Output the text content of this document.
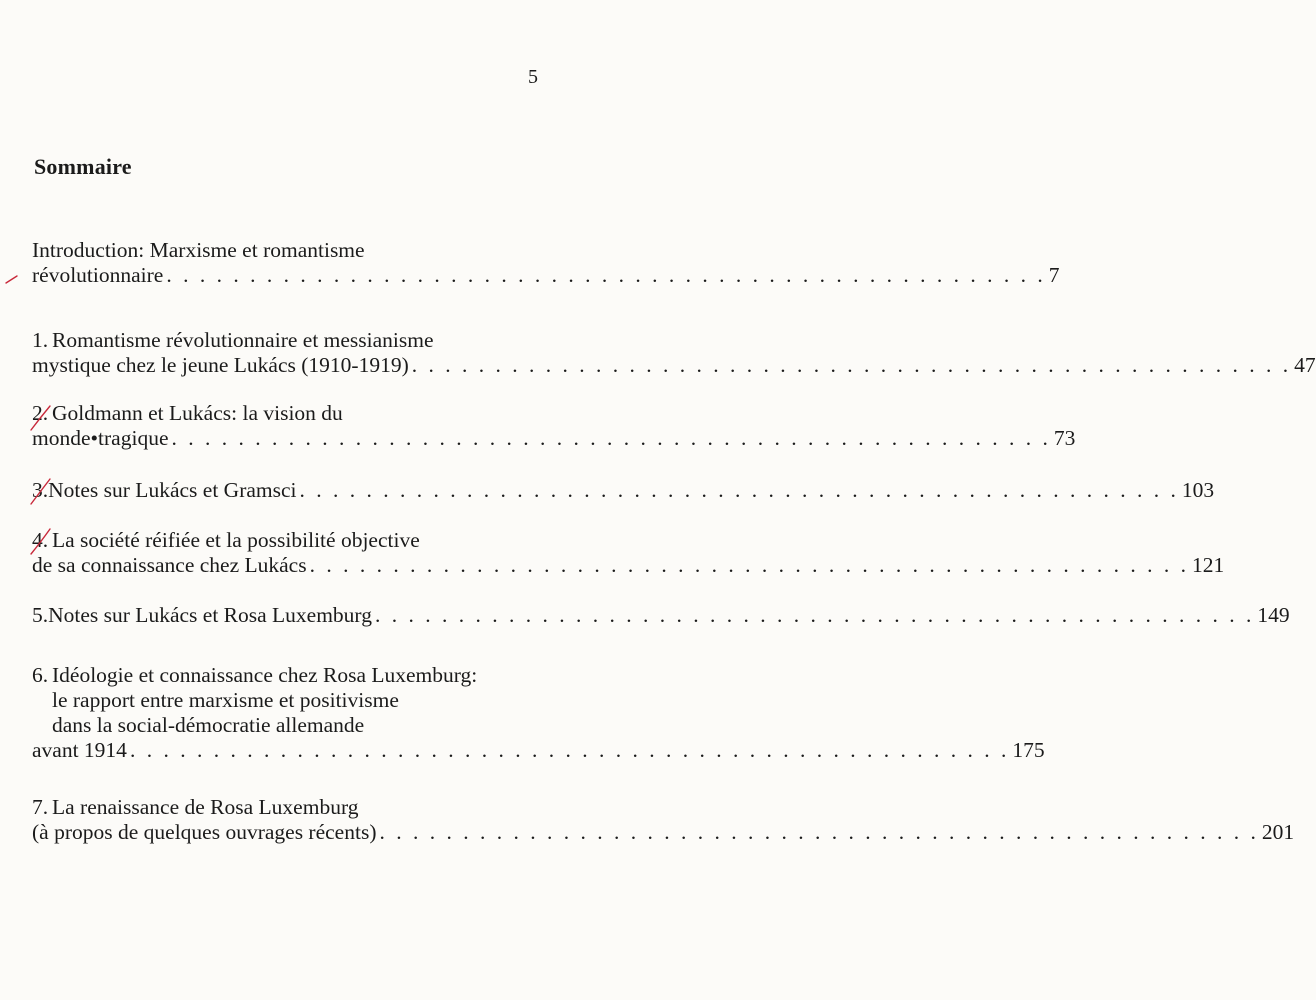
5
Sommaire
Introduction: Marxisme et romantisme
révolutionnaire . . . . . . . . . . . . . . . . . . . . . . . . . . . . . . . . . . . . . . . . . . . . . . . . . . . . . 7
1. Romantisme révolutionnaire et messianisme
mystique chez le jeune Lukács (1910-1919) . . . . . . . . . . . . . . . . . . . . . . . . . . . . . . . . . . . . . . . . . . . . . . . . . . . . . 47
2. Goldmann et Lukács: la vision du
monde•tragique . . . . . . . . . . . . . . . . . . . . . . . . . . . . . . . . . . . . . . . . . . . . . . . . . . . . . 73
3. Notes sur Lukács et Gramsci . . . . . . . . . . . . . . . . . . . . . . . . . . . . . . . . . . . . . . . . . . . . . . . . . . . . . 103
4. La société réifiée et la possibilité objective
de sa connaissance chez Lukács . . . . . . . . . . . . . . . . . . . . . . . . . . . . . . . . . . . . . . . . . . . . . . . . . . . . . 121
5. Notes sur Lukács et Rosa Luxemburg . . . . . . . . . . . . . . . . . . . . . . . . . . . . . . . . . . . . . . . . . . . . . . . . . . . . . 149
6. Idéologie et connaissance chez Rosa Luxemburg:
le rapport entre marxisme et positivisme
dans la social-démocratie allemande
avant 1914 . . . . . . . . . . . . . . . . . . . . . . . . . . . . . . . . . . . . . . . . . . . . . . . . . . . . . 175
7. La renaissance de Rosa Luxemburg
(à propos de quelques ouvrages récents) . . . . . . . . . . . . . . . . . . . . . . . . . . . . . . . . . . . . . . . . . . . . . . . . . . . . . 201
